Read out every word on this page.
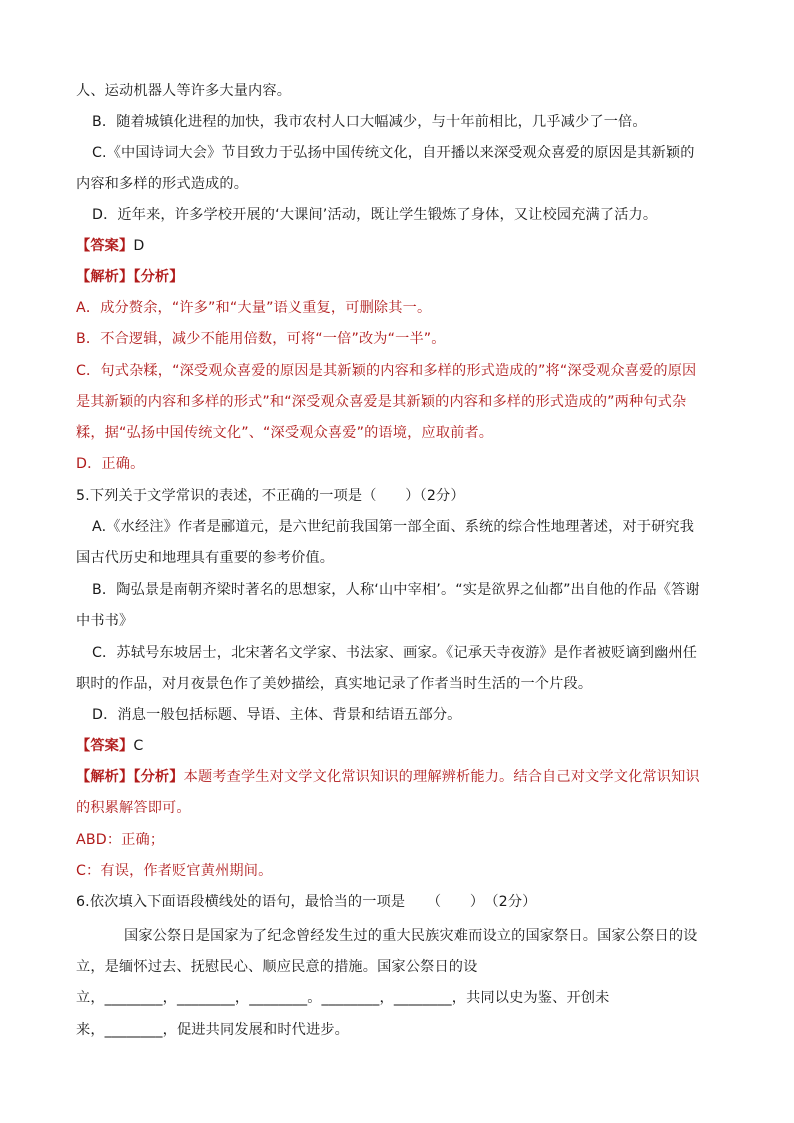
人、运动机器人等许多大量内容。
B．随着城镇化进程的加快，我市农村人口大幅减少，与十年前相比，几乎减少了一倍。
C.《中国诗词大会》节目致力于弘扬中国传统文化，自开播以来深受观众喜爱的原因是其新颖的
内容和多样的形式造成的。
D．近年来，许多学校开展的‘大课间’活动，既让学生锻炼了身体，又让校园充满了活力。
【答案】D
【解析】【分析】
A．成分赘余，“许多”和“大量”语义重复，可删除其一。
B．不合逻辑，减少不能用倍数，可将“一倍”改为“一半”。
C．句式杂糅，“深受观众喜爱的原因是其新颖的内容和多样的形式造成的”将“深受观众喜爱的原因
是其新颖的内容和多样的形式”和“深受观众喜爱是其新颖的内容和多样的形式造成的”两种句式杂
糅，据“弘扬中国传统文化”、“深受观众喜爱”的语境，应取前者。
D．正确。
5.下列关于文学常识的表述，不正确的一项是（　　）（2分）
A.《水经注》作者是郦道元，是六世纪前我国第一部全面、系统的综合性地理著述，对于研究我
国古代历史和地理具有重要的参考价值。
B．陶弘景是南朝齐梁时著名的思想家，人称‘山中宰相’。“实是欲界之仙都”出自他的作品《答谢
中书书》
C．苏轼号东坡居士，北宋著名文学家、书法家、画家。《记承天寺夜游》是作者被贬谪到幽州任
职时的作品，对月夜景色作了美妙描绘，真实地记录了作者当时生活的一个片段。
D．消息一般包括标题、导语、主体、背景和结语五部分。
【答案】C
【解析】【分析】本题考查学生对文学文化常识知识的理解辨析能力。结合自己对文学文化常识知识
的积累解答即可。
ABD：正确；
C：有误，作者贬官黄州期间。
6.依次填入下面语段横线处的语句，最恰当的一项是　　（　　）　（2分）
国家公祭日是国家为了纪念曾经发生过的重大民族灾难而设立的国家祭日。国家公祭日的设
立，是缅怀过去、抚慰民心、顺应民意的措施。国家公祭日的设
立，________，________，________。________，________，共同以史为鉴、开创未
来，________，促进共同发展和时代进步。
